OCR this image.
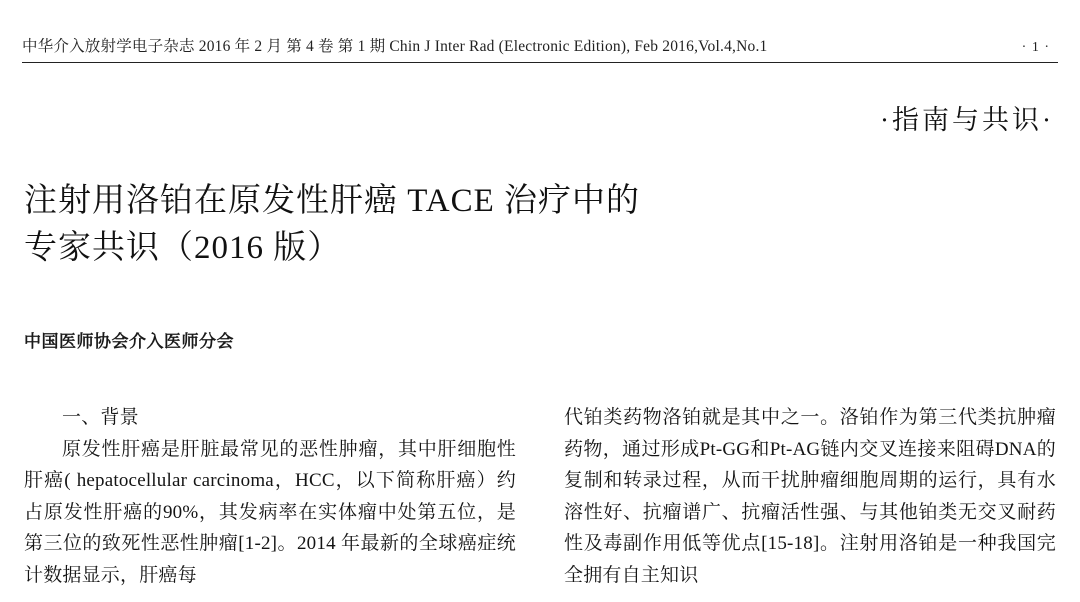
中华介入放射学电子杂志 2016 年 2 月 第 4 卷 第 1 期 Chin J Inter Rad (Electronic Edition), Feb 2016,Vol.4,No.1	· 1 ·
·指南与共识·
注射用洛铂在原发性肝癌 TACE 治疗中的
专家共识（2016 版）
中国医师协会介入医师分会

一、背景

原发性肝癌是肝脏最常见的恶性肿瘤，其中肝细胞性肝癌( hepatocellular carcinoma，HCC，以下简称肝癌）约占原发性肝癌的90%，其发病率在实体瘤中处第五位，是第三位的致死性恶性肿瘤[1-2]。2014 年最新的全球癌症统计数据显示，肝癌每

代铂类药物洛铂就是其中之一。洛铂作为第三代类抗肿瘤药物，通过形成Pt-GG和Pt-AG链内交叉连接来阻碍DNA的复制和转录过程，从而干扰肿瘤细胞周期的运行，具有水溶性好、抗瘤谱广、抗瘤活性强、与其他铂类无交叉耐药性及毒副作用低等优点[15-18]。注射用洛铂是一种我国完全拥有自主知识
